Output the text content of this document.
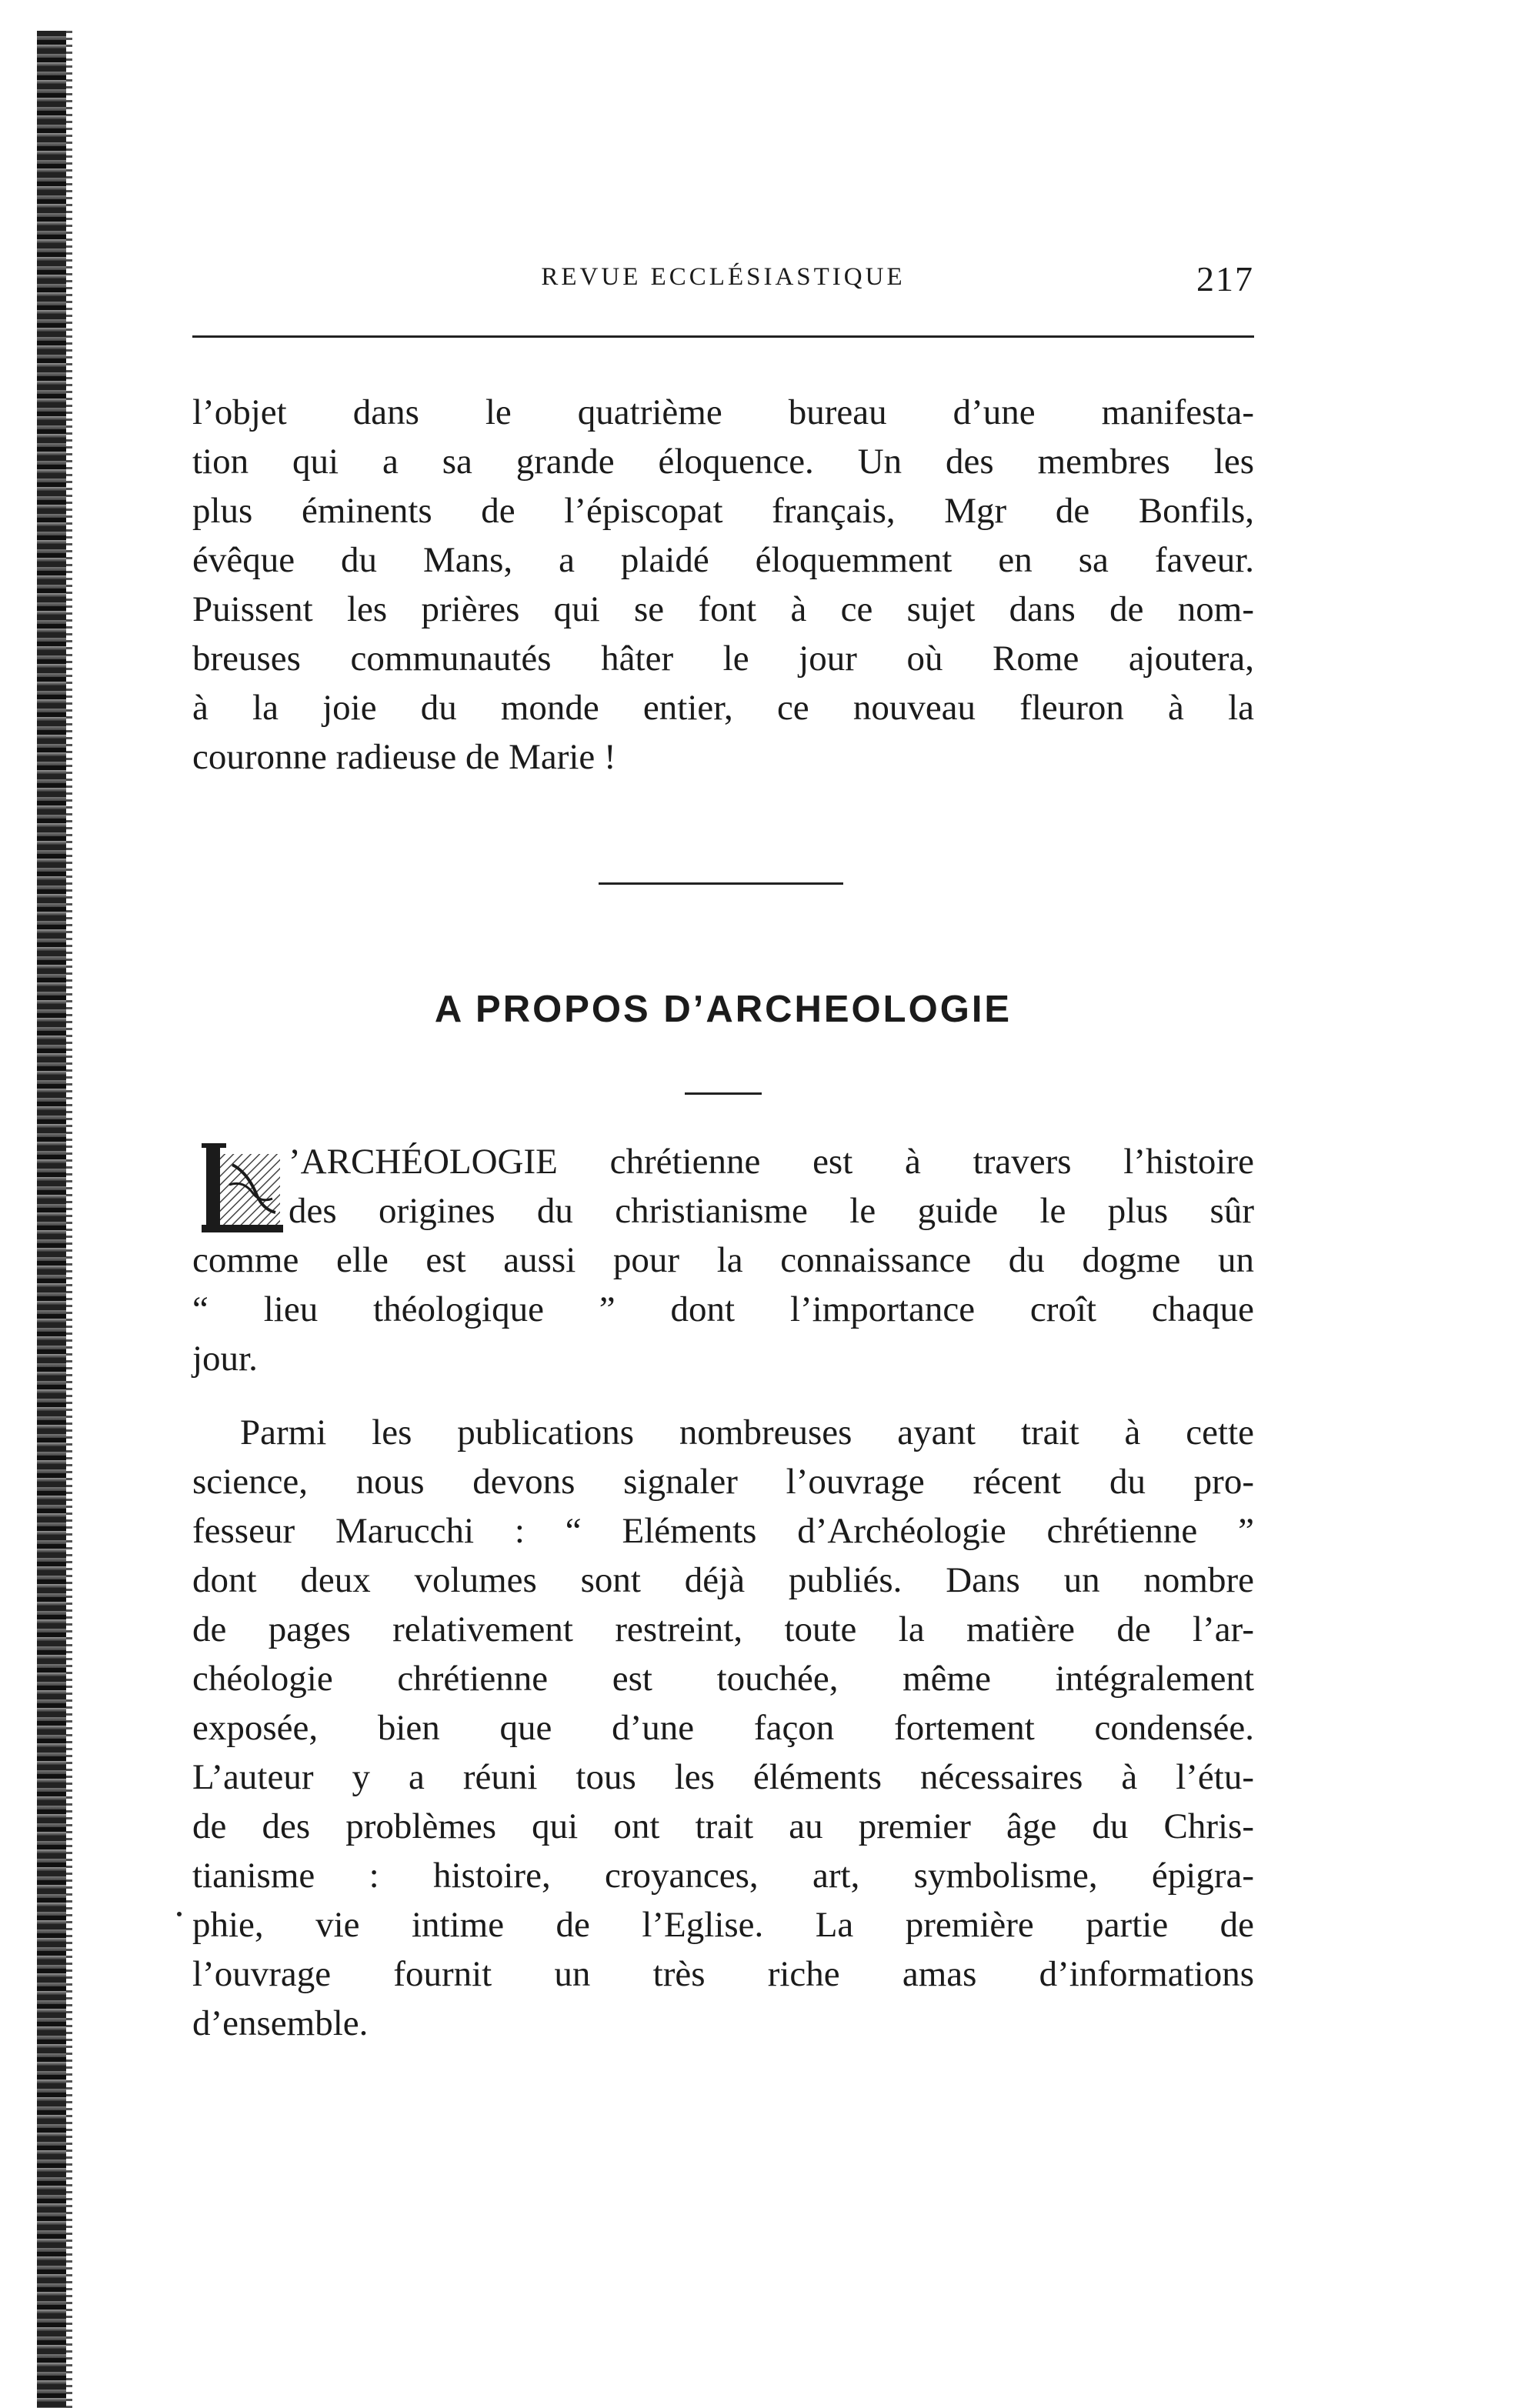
REVUE ECCLÉSIASTIQUE	217
l’objet dans le quatrième bureau d’une manifesta-
tion qui a sa grande éloquence. Un des membres les
plus éminents de l’épiscopat français, Mgr de Bonfils,
évêque du Mans, a plaidé éloquemment en sa faveur.
Puissent les prières qui se font à ce sujet dans de nom-
breuses communautés hâter le jour où Rome ajoutera,
à la joie du monde entier, ce nouveau fleuron à la
couronne radieuse de Marie !
A PROPOS D’ARCHEOLOGIE
’ARCHÉOLOGIE chrétienne est à travers l’histoire
des origines du christianisme le guide le plus sûr
comme elle est aussi pour la connaissance du dogme un
“ lieu théologique ” dont l’importance croît chaque
jour.
Parmi les publications nombreuses ayant trait à cette
science, nous devons signaler l’ouvrage récent du pro-
fesseur Marucchi : “ Eléments d’Archéologie chrétienne ”
dont deux volumes sont déjà publiés. Dans un nombre
de pages relativement restreint, toute la matière de l’ar-
chéologie chrétienne est touchée, même intégralement
exposée, bien que d’une façon fortement condensée.
L’auteur y a réuni tous les éléments nécessaires à l’étu-
de des problèmes qui ont trait au premier âge du Chris-
tianisme : histoire, croyances, art, symbolisme, épigra-
phie, vie intime de l’Eglise. La première partie de
l’ouvrage fournit un très riche amas d’informations
d’ensemble.
